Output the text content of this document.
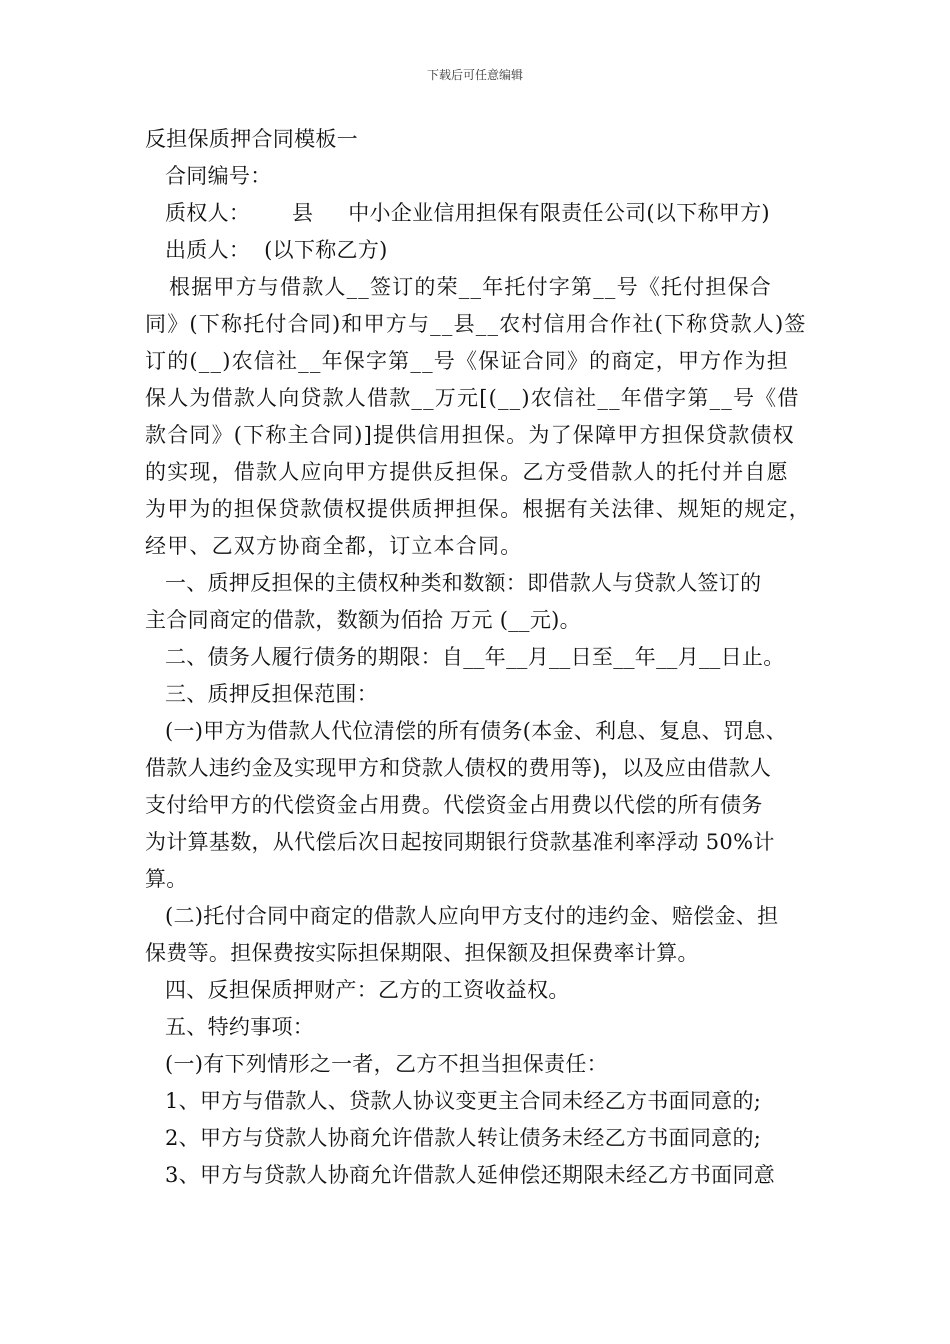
下载后可任意编辑
反担保质押合同模板一
合同编号：
质权人：      县     中小企业信用担保有限责任公司(以下称甲方)
出质人：  (以下称乙方)
根据甲方与借款人__签订的荣__年托付字第__号《托付担保合
同》(下称托付合同)和甲方与__县__农村信用合作社(下称贷款人)签
订的(__)农信社__年保字第__号《保证合同》的商定，甲方作为担
保人为借款人向贷款人借款__万元[(__)农信社__年借字第__号《借
款合同》(下称主合同)]提供信用担保。为了保障甲方担保贷款债权
的实现，借款人应向甲方提供反担保。乙方受借款人的托付并自愿
为甲为的担保贷款债权提供质押担保。根据有关法律、规矩的规定，
经甲、乙双方协商全都，订立本合同。
一、质押反担保的主债权种类和数额：即借款人与贷款人签订的
主合同商定的借款，数额为佰拾 万元 (__元)。
二、债务人履行债务的期限：自__年__月__日至__年__月__日止。
三、质押反担保范围：
(一)甲方为借款人代位清偿的所有债务(本金、利息、复息、罚息、
借款人违约金及实现甲方和贷款人债权的费用等)，以及应由借款人
支付给甲方的代偿资金占用费。代偿资金占用费以代偿的所有债务
为计算基数，从代偿后次日起按同期银行贷款基准利率浮动 50%计
算。
(二)托付合同中商定的借款人应向甲方支付的违约金、赔偿金、担
保费等。担保费按实际担保期限、担保额及担保费率计算。
四、反担保质押财产：乙方的工资收益权。
五、特约事项：
(一)有下列情形之一者，乙方不担当担保责任：
1、甲方与借款人、贷款人协议变更主合同未经乙方书面同意的;
2、甲方与贷款人协商允许借款人转让债务未经乙方书面同意的;
3、甲方与贷款人协商允许借款人延伸偿还期限未经乙方书面同意
